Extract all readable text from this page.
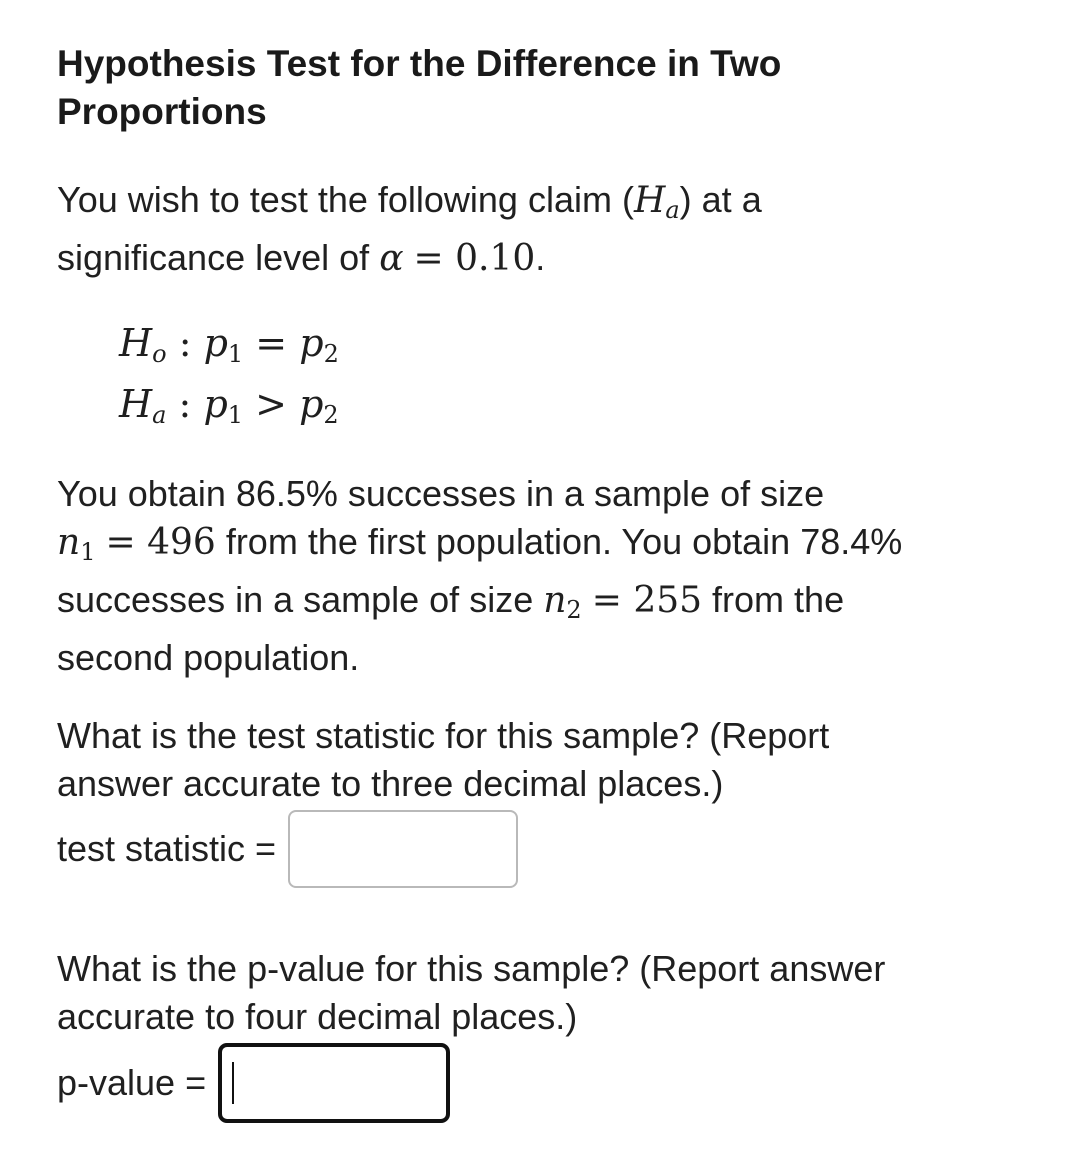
Hypothesis Test for the Difference in Two
Proportions
You wish to test the following claim (Ha) at a
significance level of α = 0.10.
Ho : $p_1 = p_2$
Ha : $p_1 > p_2$
You obtain 86.5% successes in a sample of size
$n_1 = 496$ from the first population. You obtain 78.4%
successes in a sample of size $n_2 = 255$ from the
second population.
What is the test statistic for this sample? (Report
answer accurate to three decimal places.)
test statistic =
What is the p-value for this sample? (Report answer
accurate to four decimal places.)
p-value =
